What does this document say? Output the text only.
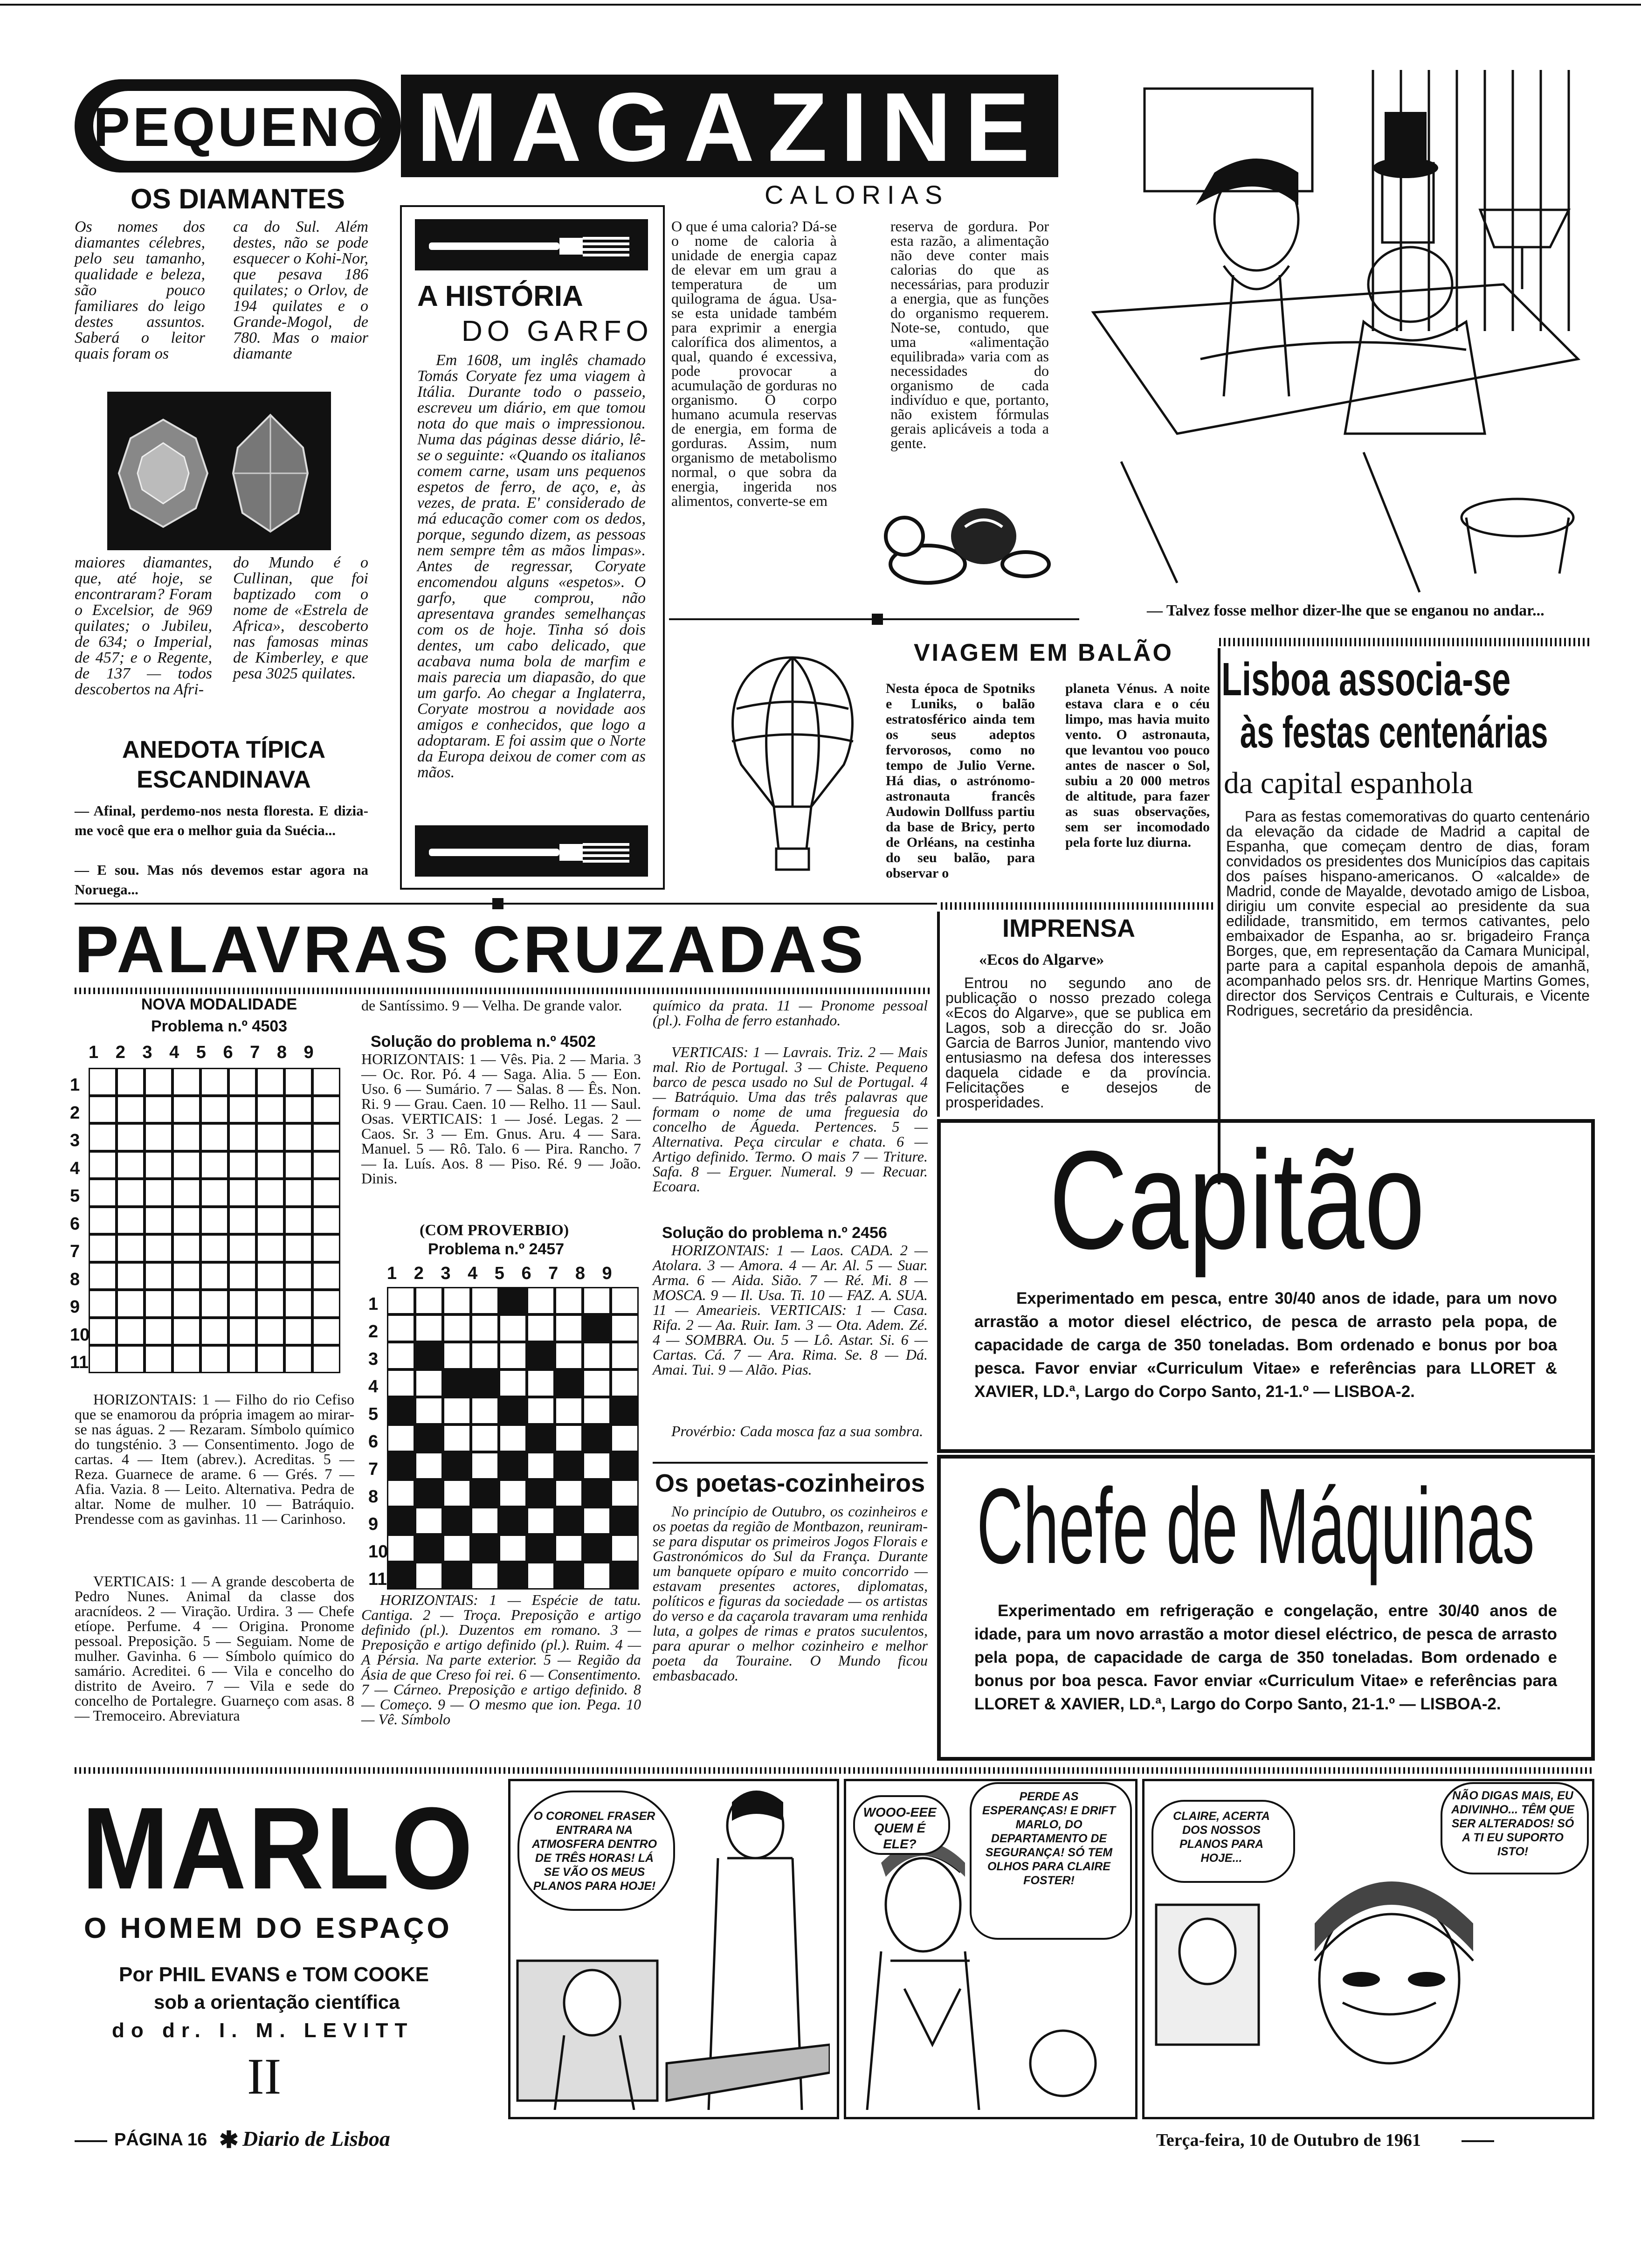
PEQUENO MAGAZINE
OS DIAMANTES
Os nomes dos diamantes célebres, pelo seu tamanho, qualidade e beleza, são pouco familiares do leigo destes assuntos. Saberá o leitor quais foram os
ca do Sul. Além destes, não se pode esquecer o Kohi-Nor, que pesava 186 quilates; o Orlov, de 194 quilates e o Grande-Mogol, de 780. Mas o maior diamante
maiores diamantes, que, até hoje, se encontraram? Foram o Excelsior, de 969 quilates; o Jubileu, de 634; o Imperial, de 457; e o Regente, de 137 — todos descobertos na Afri-
do Mundo é o Cullinan, que foi baptizado com o nome de «Estrela de Africa», descoberto nas famosas minas de Kimberley, e que pesa 3025 quilates.
ANEDOTA TÍPICA
ESCANDINAVA
— Afinal, perdemo-nos nesta floresta. E dizia-me você que era o melhor guia da Suécia...
— E sou. Mas nós devemos estar agora na Noruega...
A HISTÓRIA
DO GARFO
Em 1608, um inglês chamado Tomás Coryate fez uma viagem à Itália. Durante todo o passeio, escreveu um diário, em que tomou nota do que mais o impressionou. Numa das páginas desse diário, lê-se o seguinte: «Quando os italianos comem carne, usam uns pequenos espetos de ferro, de aço, e, às vezes, de prata. E' considerado de má educação comer com os dedos, porque, segundo dizem, as pessoas nem sempre têm as mãos limpas». Antes de regressar, Coryate encomendou alguns «espetos». O garfo, que comprou, não apresentava grandes semelhanças com os de hoje. Tinha só dois dentes, um cabo delicado, que acabava numa bola de marfim e mais parecia um diapasão, do que um garfo. Ao chegar a Inglaterra, Coryate mostrou a novidade aos amigos e conhecidos, que logo a adoptaram. E foi assim que o Norte da Europa deixou de comer com as mãos.
CALORIAS
O que é uma caloria? Dá-se o nome de caloria à unidade de energia capaz de elevar em um grau a temperatura de um quilograma de água. Usa-se esta unidade também para exprimir a energia calorífica dos alimentos, a qual, quando é excessiva, pode provocar a acumulação de gorduras no organismo. O corpo humano acumula reservas de energia, em forma de gorduras. Assim, num organismo de metabolismo normal, o que sobra da energia, ingerida nos alimentos, converte-se em
reserva de gordura. Por esta razão, a alimentação não deve conter mais calorias do que as necessárias, para produzir a energia, que as funções do organismo requerem. Note-se, contudo, que uma «alimentação equilibrada» varia com as necessidades do organismo de cada indivíduo e que, portanto, não existem fórmulas gerais aplicáveis a toda a gente.
— Talvez fosse melhor dizer-lhe que se enganou no andar...
VIAGEM EM BALÃO
Nesta época de Spotniks e Luniks, o balão estratosférico ainda tem os seus adeptos fervorosos, como no tempo de Julio Verne. Há dias, o astrónomo-astronauta francês Audowin Dollfuss partiu da base de Bricy, perto de Orléans, na cestinha do seu balão, para observar o
planeta Vénus. A noite estava clara e o céu limpo, mas havia muito vento. O astronauta, que levantou voo pouco antes de nascer o Sol, subiu a 20 000 metros de altitude, para fazer as suas observações, sem ser incomodado pela forte luz diurna.
Lisboa associa-se
às festas centenárias
da capital espanhola
Para as festas comemorativas do quarto centenário da elevação da cidade de Madrid a capital de Espanha, que começam dentro de dias, foram convidados os presidentes dos Municípios das capitais dos países hispano-americanos. O «alcalde» de Madrid, conde de Mayalde, devotado amigo de Lisboa, dirigiu um convite especial ao presidente da sua edilidade, transmitido, em termos cativantes, pelo embaixador de Espanha, ao sr. brigadeiro França Borges, que, em representação da Camara Municipal, parte para a capital espanhola depois de amanhã, acompanhado pelos srs. dr. Henrique Martins Gomes, director dos Serviços Centrais e Culturais, e Vicente Rodrigues, secretário da presidência.
IMPRENSA
«Ecos do Algarve»
Entrou no segundo ano de publicação o nosso prezado colega «Ecos do Algarve», que se publica em Lagos, sob a direcção do sr. João Garcia de Barros Junior, mantendo vivo entusiasmo na defesa dos interesses daquela cidade e da província. Felicitações e desejos de prosperidades.
PALAVRAS CRUZADAS
NOVA MODALIDADE
Problema n.º 4503
1 2 3 4 5 6 7 8 9
1
2
3
4
5
6
7
8
9
10
11
HORIZONTAIS: 1 — Filho do rio Cefiso que se enamorou da própria imagem ao mirar-se nas águas. 2 — Rezaram. Símbolo químico do tungsténio. 3 — Consentimento. Jogo de cartas. 4 — Item (abrev.). Acreditas. 5 — Reza. Guarnece de arame. 6 — Grés. 7 — Afia. Vazia. 8 — Leito. Alternativa. Pedra de altar. Nome de mulher. 10 — Batráquio. Prendesse com as gavinhas. 11 — Carinhoso.
VERTICAIS: 1 — A grande descoberta de Pedro Nunes. Animal da classe dos aracnídeos. 2 — Viração. Urdira. 3 — Chefe etíope. Perfume. 4 — Origina. Pronome pessoal. Preposição. 5 — Seguiam. Nome de mulher. Gavinha. 6 — Símbolo químico do samário. Acreditei. 6 — Vila e concelho do distrito de Aveiro. 7 — Vila e sede do concelho de Portalegre. Guarneço com asas. 8 — Tremoceiro. Abreviatura
de Santíssimo. 9 — Velha. De grande valor.
Solução do problema n.º 4502
HORIZONTAIS: 1 — Vês. Pia. 2 — Maria. 3 — Oc. Ror. Pó. 4 — Saga. Alia. 5 — Eon. Uso. 6 — Sumário. 7 — Salas. 8 — Ês. Non. Ri. 9 — Grau. Caen. 10 — Relho. 11 — Saul. Osas. VERTICAIS: 1 — José. Legas. 2 — Caos. Sr. 3 — Em. Gnus. Aru. 4 — Sara. Manuel. 5 — Rô. Talo. 6 — Pira. Rancho. 7 — Ia. Luís. Aos. 8 — Piso. Ré. 9 — João. Dinis.
(COM PROVERBIO)
Problema n.º 2457
1 2 3 4 5 6 7 8 9
1
2
3
4
5
6
7
8
9
10
11
HORIZONTAIS: 1 — Espécie de tatu. Cantiga. 2 — Troça. Preposição e artigo definido (pl.). Duzentos em romano. 3 — Preposição e artigo definido (pl.). Ruim. 4 — A Pérsia. Na parte exterior. 5 — Região da Ásia de que Creso foi rei. 6 — Consentimento. 7 — Cárneo. Preposição e artigo definido. 8 — Começo. 9 — O mesmo que ion. Pega. 10 — Vê. Símbolo
químico da prata. 11 — Pronome pessoal (pl.). Folha de ferro estanhado.
VERTICAIS: 1 — Lavrais. Triz. 2 — Mais mal. Rio de Portugal. 3 — Chiste. Pequeno barco de pesca usado no Sul de Portugal. 4 — Batráquio. Uma das três palavras que formam o nome de uma freguesia do concelho de Águeda. Pertences. 5 — Alternativa. Peça circular e chata. 6 — Artigo definido. Termo. O mais 7 — Triture. Safa. 8 — Erguer. Numeral. 9 — Recuar. Ecoara.
Solução do problema n.º 2456
HORIZONTAIS: 1 — Laos. CADA. 2 — Atolara. 3 — Amora. 4 — Ar. Al. 5 — Suar. Arma. 6 — Aida. Sião. 7 — Ré. Mi. 8 — MOSCA. 9 — Il. Usa. Ti. 10 — FAZ. A. SUA. 11 — Amearieis. VERTICAIS: 1 — Casa. Rifa. 2 — Aa. Ruir. Iam. 3 — Ota. Adem. Zé. 4 — SOMBRA. Ou. 5 — Lô. Astar. Si. 6 — Cartas. Cá. 7 — Ara. Rima. Se. 8 — Dá. Amai. Tui. 9 — Alão. Pias.
Provérbio: Cada mosca faz a sua sombra.
Os poetas-cozinheiros
No princípio de Outubro, os cozinheiros e os poetas da região de Montbazon, reuniram-se para disputar os primeiros Jogos Florais e Gastronómicos do Sul da França. Durante um banquete opíparo e muito concorrido — estavam presentes actores, diplomatas, políticos e figuras da sociedade — os artistas do verso e da caçarola travaram uma renhida luta, a golpes de rimas e pratos suculentos, para apurar o melhor cozinheiro e melhor poeta da Touraine. O Mundo ficou embasbacado.
Capitão
Experimentado em pesca, entre 30/40 anos de idade, para um novo arrastão a motor diesel eléctrico, de pesca de arrasto pela popa, de capacidade de carga de 350 toneladas. Bom ordenado e bonus por boa pesca. Favor enviar «Curriculum Vitae» e referências para LLORET & XAVIER, LD.ª, Largo do Corpo Santo, 21-1.º — LISBOA-2.
Chefe de Máquinas
Experimentado em refrigeração e congelação, entre 30/40 anos de idade, para um novo arrastão a motor diesel eléctrico, de pesca de arrasto pela popa, de capacidade de carga de 350 toneladas. Bom ordenado e bonus por boa pesca. Favor enviar «Curriculum Vitae» e referências para LLORET & XAVIER, LD.ª, Largo do Corpo Santo, 21-1.º — LISBOA-2.
MARLO
O HOMEM DO ESPAÇO
Por PHIL EVANS e TOM COOKE
sob a orientação científica
do dr. I. M. LEVITT
II
O CORONEL FRASER ENTRARA NA ATMOSFERA DENTRO DE TRÊS HORAS! LÁ SE VÃO OS MEUS PLANOS PARA HOJE!
WOOO-EEE QUEM É ELE?
PERDE AS ESPERANÇAS! E DRIFT MARLO, DO DEPARTAMENTO DE SEGURANÇA! SÓ TEM OLHOS PARA CLAIRE FOSTER!
CLAIRE, ACERTA DOS NOSSOS PLANOS PARA HOJE...
NÃO DIGAS MAIS, EU ADIVINHO... TÊM QUE SER ALTERADOS! SÓ A TI EU SUPORTO ISTO!
PÁGINA 16 ✱ Diario de Lisboa	Terça-feira, 10 de Outubro de 1961
